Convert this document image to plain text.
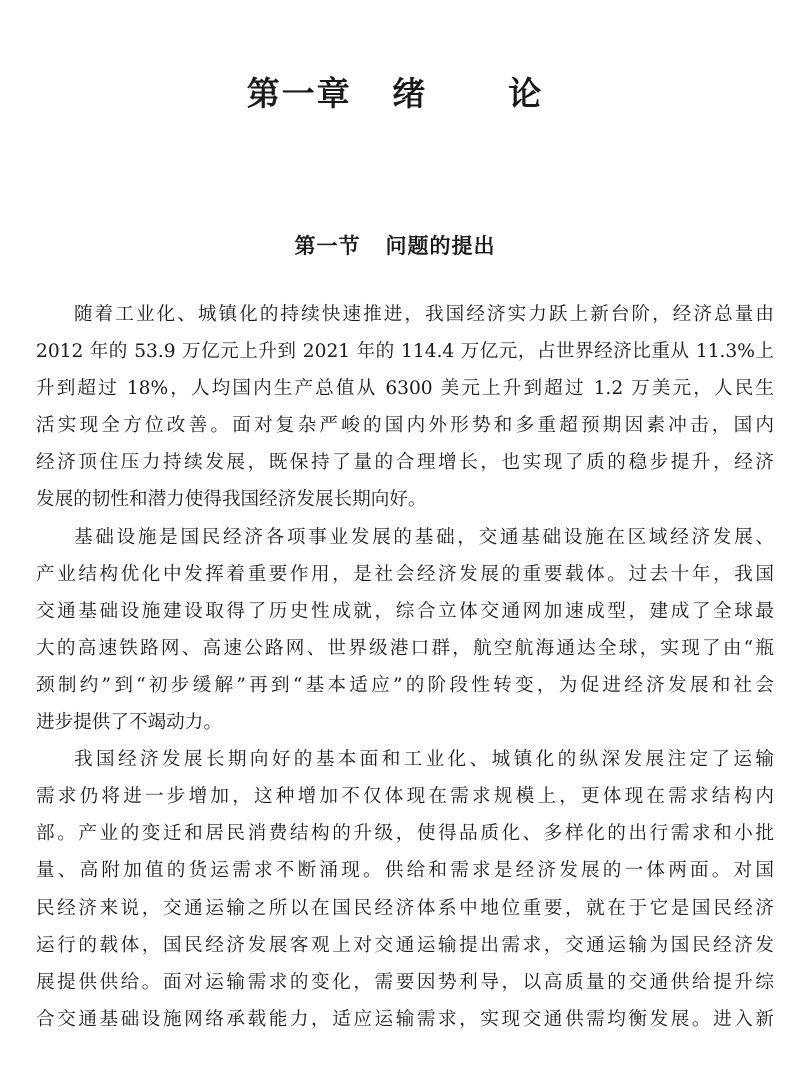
第一章   绪      论
第一节   问题的提出
随着工业化、城镇化的持续快速推进，我国经济实力跃上新台阶，经济总量由
2012 年的 53.9 万亿元上升到 2021 年的 114.4 万亿元，占世界经济比重从 11.3%上
升到超过 18%，人均国内生产总值从 6300 美元上升到超过 1.2 万美元，人民生
活实现全方位改善。面对复杂严峻的国内外形势和多重超预期因素冲击，国内
经济顶住压力持续发展，既保持了量的合理增长，也实现了质的稳步提升，经济
发展的韧性和潜力使得我国经济发展长期向好。
基础设施是国民经济各项事业发展的基础，交通基础设施在区域经济发展、
产业结构优化中发挥着重要作用，是社会经济发展的重要载体。过去十年，我国
交通基础设施建设取得了历史性成就，综合立体交通网加速成型，建成了全球最
大的高速铁路网、高速公路网、世界级港口群，航空航海通达全球，实现了由“瓶
颈制约”到“初步缓解”再到“基本适应”的阶段性转变，为促进经济发展和社会
进步提供了不竭动力。
我国经济发展长期向好的基本面和工业化、城镇化的纵深发展注定了运输
需求仍将进一步增加，这种增加不仅体现在需求规模上，更体现在需求结构内
部。产业的变迁和居民消费结构的升级，使得品质化、多样化的出行需求和小批
量、高附加值的货运需求不断涌现。供给和需求是经济发展的一体两面。对国
民经济来说，交通运输之所以在国民经济体系中地位重要，就在于它是国民经济
运行的载体，国民经济发展客观上对交通运输提出需求，交通运输为国民经济发
展提供供给。面对运输需求的变化，需要因势利导，以高质量的交通供给提升综
合交通基础设施网络承载能力，适应运输需求，实现交通供需均衡发展。进入新
